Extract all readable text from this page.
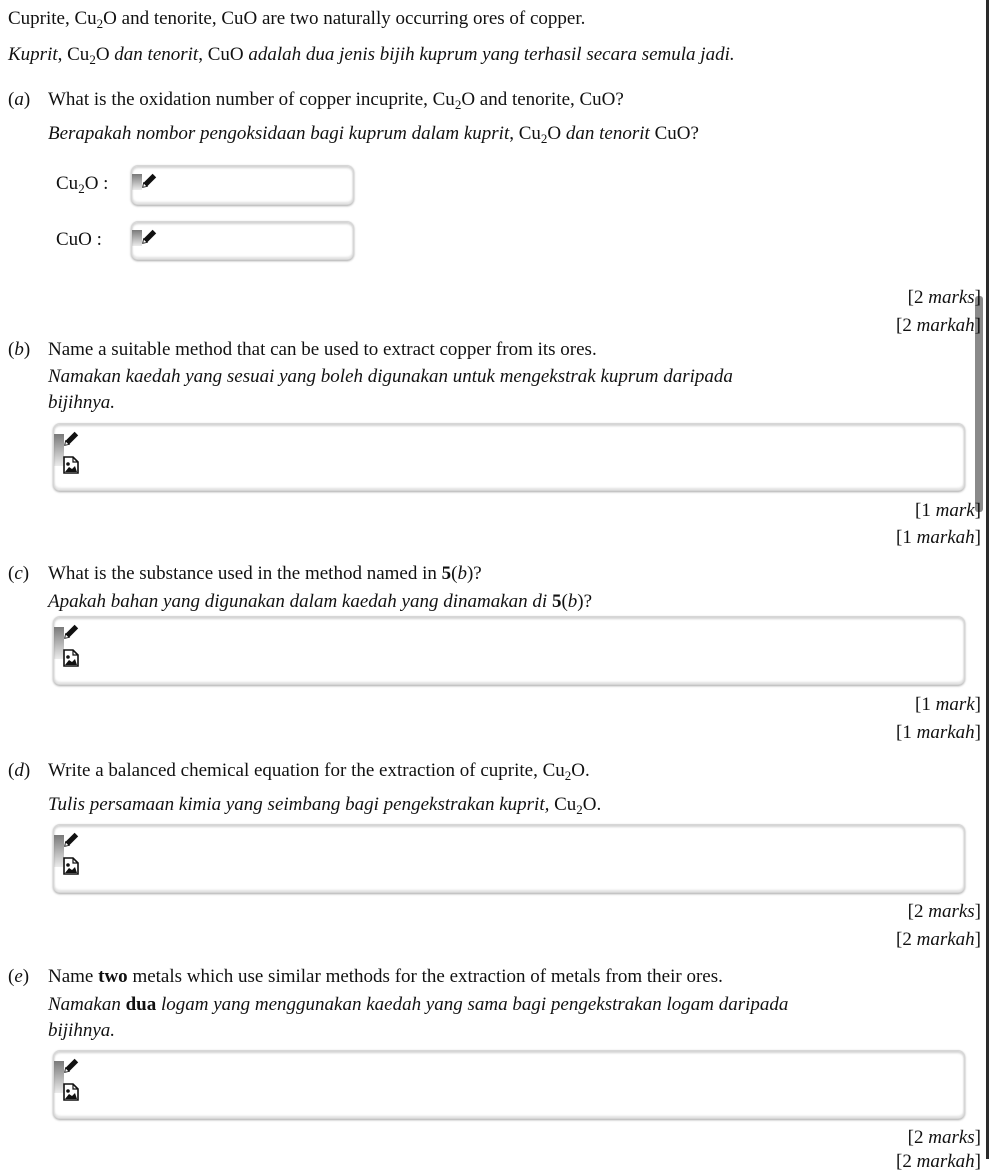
Cuprite, $Cu_2O$ and tenorite, CuO are two naturally occurring ores of copper.
Kuprit, $Cu_2O$ dan tenorit, CuO adalah dua jenis bijih kuprum yang terhasil secara semula jadi.
(a) What is the oxidation number of copper incuprite, $Cu_2O$ and tenorite, CuO?
Berapakah nombor pengoksidaan bagi kuprum dalam kuprit, $Cu_2O$ dan tenorit CuO?
$Cu_2O$ :
CuO :
[2 marks]
[2 markah]
(b) Name a suitable method that can be used to extract copper from its ores.
Namakan kaedah yang sesuai yang boleh digunakan untuk mengekstrak kuprum daripada
bijihnya.
[1 mark]
[1 markah]
(c) What is the substance used in the method named in 5(b)?
Apakah bahan yang digunakan dalam kaedah yang dinamakan di 5(b)?
[1 mark]
[1 markah]
(d) Write a balanced chemical equation for the extraction of cuprite, $Cu_2O$.
Tulis persamaan kimia yang seimbang bagi pengekstrakan kuprit, $Cu_2O$.
[2 marks]
[2 markah]
(e) Name two metals which use similar methods for the extraction of metals from their ores.
Namakan dua logam yang menggunakan kaedah yang sama bagi pengekstrakan logam daripada
bijihnya.
[2 marks]
[2 markah]
